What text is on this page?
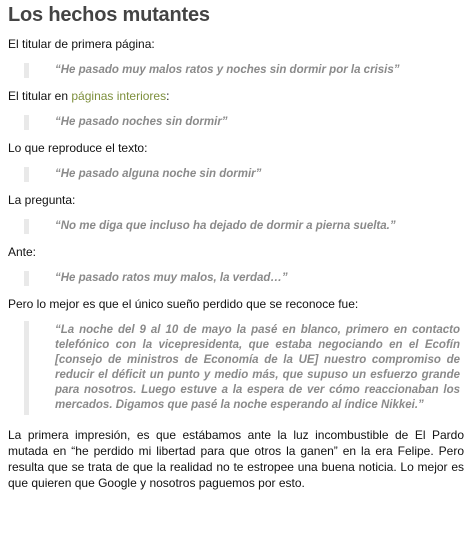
Los hechos mutantes

El titular de primera página:

“He pasado muy malos ratos y noches sin dormir por la crisis”

El titular en páginas interiores:

“He pasado noches sin dormir”

Lo que reproduce el texto:

“He pasado alguna noche sin dormir”

La pregunta:

“No me diga que incluso ha dejado de dormir a pierna suelta.”

Ante:

“He pasado ratos muy malos, la verdad…”

Pero lo mejor es que el único sueño perdido que se reconoce fue:

“La noche del 9 al 10 de mayo la pasé en blanco, primero en contacto telefónico con la vicepresidenta, que estaba negociando en el Ecofín [consejo de ministros de Economía de la UE] nuestro compromiso de reducir el déficit un punto y medio más, que supuso un esfuerzo grande para nosotros. Luego estuve a la espera de ver cómo reaccionaban los mercados. Digamos que pasé la noche esperando al índice Nikkei.”

La primera impresión, es que estábamos ante la luz incombustible de El Pardo mutada en “he perdido mi libertad para que otros la ganen” en la era Felipe. Pero resulta que se trata de que la realidad no te estropee una buena noticia. Lo mejor es que quieren que Google y nosotros paguemos por esto.
